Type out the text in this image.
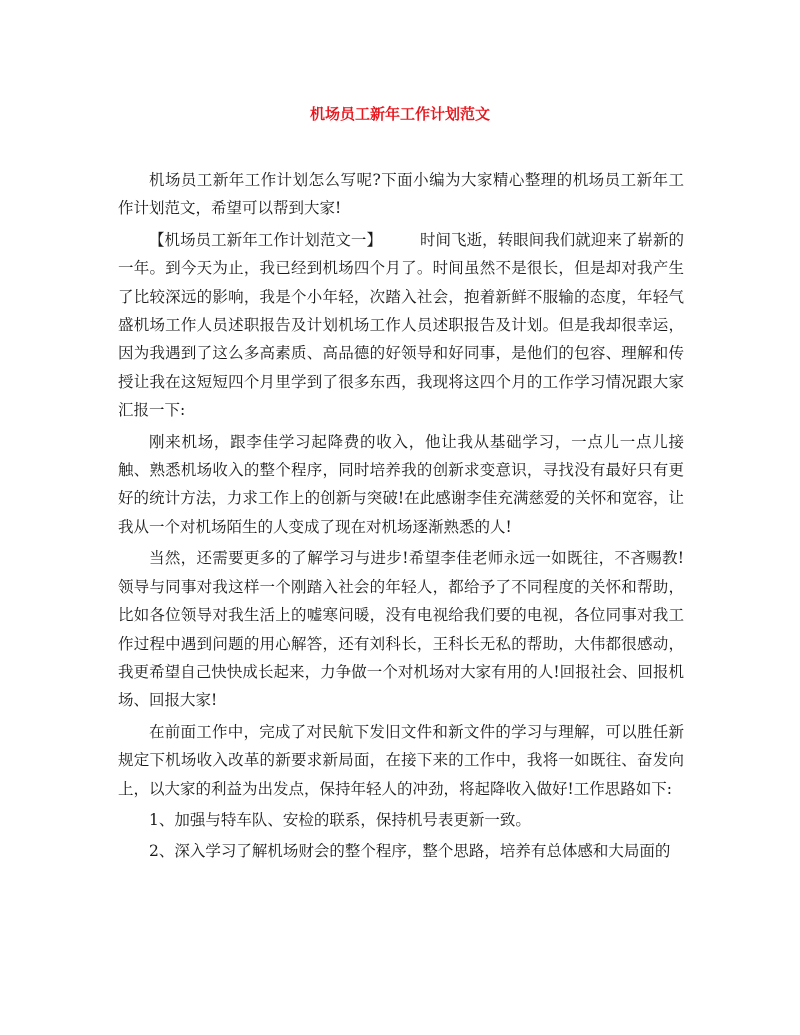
机场员工新年工作计划范文

机场员工新年工作计划怎么写呢?下面小编为大家精心整理的机场员工新年工作计划范文，希望可以帮到大家!

【机场员工新年工作计划范文一】 时间飞逝，转眼间我们就迎来了崭新的一年。到今天为止，我已经到机场四个月了。时间虽然不是很长，但是却对我产生了比较深远的影响，我是个小年轻，次踏入社会，抱着新鲜不服输的态度，年轻气盛机场工作人员述职报告及计划机场工作人员述职报告及计划。但是我却很幸运，因为我遇到了这么多高素质、高品德的好领导和好同事，是他们的包容、理解和传授让我在这短短四个月里学到了很多东西，我现将这四个月的工作学习情况跟大家汇报一下:

刚来机场，跟李佳学习起降费的收入，他让我从基础学习，一点儿一点儿接触、熟悉机场收入的整个程序，同时培养我的创新求变意识，寻找没有最好只有更好的统计方法，力求工作上的创新与突破!在此感谢李佳充满慈爱的关怀和宽容，让我从一个对机场陌生的人变成了现在对机场逐渐熟悉的人!

当然，还需要更多的了解学习与进步!希望李佳老师永远一如既往，不吝赐教!领导与同事对我这样一个刚踏入社会的年轻人，都给予了不同程度的关怀和帮助，比如各位领导对我生活上的嘘寒问暖，没有电视给我们要的电视，各位同事对我工作过程中遇到问题的用心解答，还有刘科长，王科长无私的帮助，大伟都很感动，我更希望自己快快成长起来，力争做一个对机场对大家有用的人!回报社会、回报机场、回报大家!

在前面工作中，完成了对民航下发旧文件和新文件的学习与理解，可以胜任新规定下机场收入改革的新要求新局面，在接下来的工作中，我将一如既往、奋发向上，以大家的利益为出发点，保持年轻人的冲劲，将起降收入做好!工作思路如下:

1、加强与特车队、安检的联系，保持机号表更新一致。

2、深入学习了解机场财会的整个程序，整个思路，培养有总体感和大局面的
